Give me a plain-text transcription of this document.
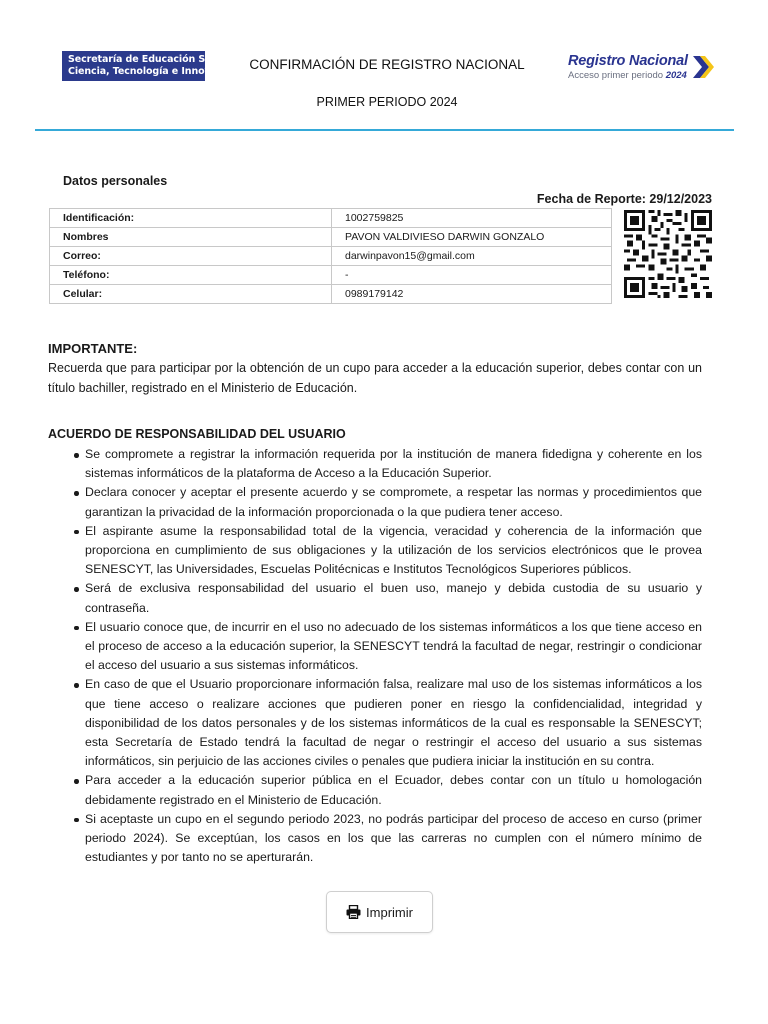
Secretaría de Educación Superior,
Ciencia, Tecnología e Innovación CONFIRMACIÓN DE REGISTRO NACIONAL
PRIMER PERIODO 2024
Registro Nacional
Acceso primer periodo 2024
Datos personales
Fecha de Reporte: 29/12/2023
Identificación:	1002759825
Nombres	PAVON VALDIVIESO DARWIN GONZALO
Correo:	darwinpavon15@gmail.com
Teléfono:	-
Celular:	0989179142
IMPORTANTE:
Recuerda que para participar por la obtención de un cupo para acceder a la educación superior, debes contar con un título bachiller, registrado en el Ministerio de Educación.
ACUERDO DE RESPONSABILIDAD DEL USUARIO
Se compromete a registrar la información requerida por la institución de manera fidedigna y coherente en los sistemas informáticos de la plataforma de Acceso a la Educación Superior.
Declara conocer y aceptar el presente acuerdo y se compromete, a respetar las normas y procedimientos que garantizan la privacidad de la información proporcionada o la que pudiera tener acceso.
El aspirante asume la responsabilidad total de la vigencia, veracidad y coherencia de la información que proporciona en cumplimiento de sus obligaciones y la utilización de los servicios electrónicos que le provea SENESCYT, las Universidades, Escuelas Politécnicas e Institutos Tecnológicos Superiores públicos.
Será de exclusiva responsabilidad del usuario el buen uso, manejo y debida custodia de su usuario y contraseña.
El usuario conoce que, de incurrir en el uso no adecuado de los sistemas informáticos a los que tiene acceso en el proceso de acceso a la educación superior, la SENESCYT tendrá la facultad de negar, restringir o condicionar el acceso del usuario a sus sistemas informáticos.
En caso de que el Usuario proporcionare información falsa, realizare mal uso de los sistemas informáticos a los que tiene acceso o realizare acciones que pudieren poner en riesgo la confidencialidad, integridad y disponibilidad de los datos personales y de los sistemas informáticos de la cual es responsable la SENESCYT; esta Secretaría de Estado tendrá la facultad de negar o restringir el acceso del usuario a sus sistemas informáticos, sin perjuicio de las acciones civiles o penales que pudiera iniciar la institución en su contra.
Para acceder a la educación superior pública en el Ecuador, debes contar con un título u homologación debidamente registrado en el Ministerio de Educación.
Si aceptaste un cupo en el segundo periodo 2023, no podrás participar del proceso de acceso en curso (primer periodo 2024). Se exceptúan, los casos en los que las carreras no cumplen con el número mínimo de estudiantes y por tanto no se aperturarán.
Imprimir
